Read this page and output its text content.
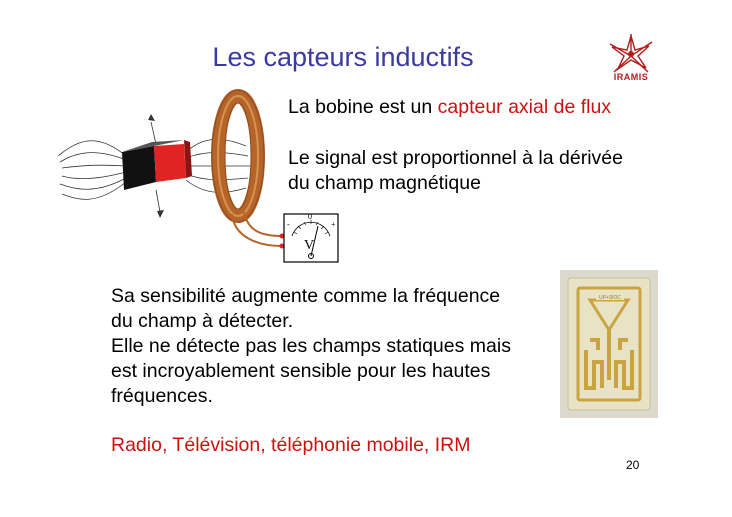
Les capteurs inductifs
IRAMIS
0
-	+
V
La bobine est un capteur axial de flux
Le signal est proportionnel à la dérivée
du champ magnétique
Sa sensibilité augmente comme la fréquence
du champ à détecter.
Elle ne détecte pas les champs statiques mais
est incroyablement sensible pour les hautes
fréquences.
Radio, Télévision, téléphonie mobile, IRM
UP+SIOC
20
